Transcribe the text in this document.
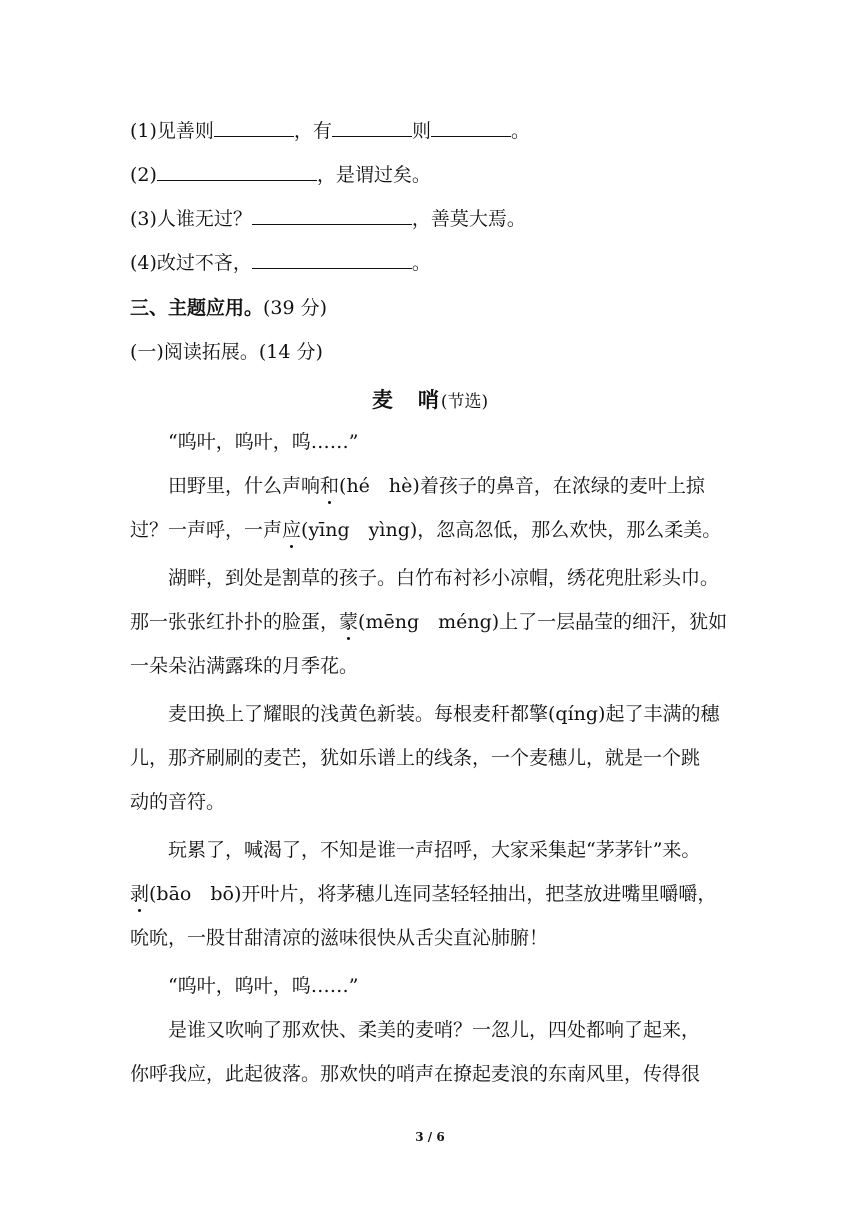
(1)见善则	，有	则	。
(2)	，是谓过矣。
(3)人谁无过？	，善莫大焉。
(4)改过不吝，	。
三、主题应用。(39 分)
(一)阅读拓展。(14 分)
麦　哨(节选)
“呜叶，呜叶，呜……”
田野里，什么声响和(hé　hè)着孩子的鼻音，在浓绿的麦叶上掠
过？一声呼，一声应(yīng　yìng)，忽高忽低，那么欢快，那么柔美。
湖畔，到处是割草的孩子。白竹布衬衫小凉帽，绣花兜肚彩头巾。
那一张张红扑扑的脸蛋，蒙(mēng　méng)上了一层晶莹的细汗，犹如
一朵朵沾满露珠的月季花。
麦田换上了耀眼的浅黄色新装。每根麦秆都擎(qíng)起了丰满的穗
儿，那齐刷刷的麦芒，犹如乐谱上的线条，一个麦穗儿，就是一个跳
动的音符。
玩累了，喊渴了，不知是谁一声招呼，大家采集起“茅茅针”来。
剥(bāo　bō)开叶片，将茅穗儿连同茎轻轻抽出，把茎放进嘴里嚼嚼，
吮吮，一股甘甜清凉的滋味很快从舌尖直沁肺腑！
“呜叶，呜叶，呜……”
是谁又吹响了那欢快、柔美的麦哨？一忽儿，四处都响了起来，
你呼我应，此起彼落。那欢快的哨声在撩起麦浪的东南风里，传得很
3 / 6
